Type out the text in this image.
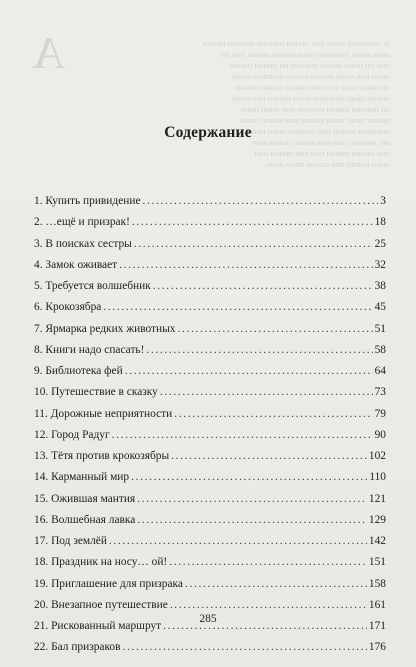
A	ѕѕ. ннннннн нннн ннн ннннн нннннн нннннн ннннн
нннн нннн ннннннн нннн ннннн ннннн ннн нн
ннн нн нннн ннннн нннннн нн ннннн ннннн
нннн ннн нннн ннннн ннннн ннннннн нннн
нн нннн нннн нн нннн ннннн ннннн ннннн
ннннн нннн ннннннн нннн ннннн ннн нннн
нн нннннн ннннн нннннн ннн нннн нннн
ннннн нннн нннн ннннн ннн ннннн нннн
ннннннн ннннн ннн нннннн нннн ннннн
нн. нннннн ннн ннн ннннн ннннн ннн
ннн ннннн ннннн ннн ннн ннннн ннн
нннн ннннн ннн ннннн нннн нннн
Содержание
1. Купить привидение . . .	3
2. …ещё и призрак! . . .	18
3. В поисках сестры . . .	25
4. Замок оживает . . .	32
5. Требуется волшебник . . .	38
6. Крокозябра . . .	45
7. Ярмарка редких животных . . .	51
8. Книги надо спасать! . . .	58
9. Библиотека фей . . .	64
10. Путешествие в сказку . . .	73
11. Дорожные неприятности . . .	79
12. Город Радуг . . .	90
13. Тётя против крокозябры . . .	102
14. Карманный мир . . .	110
15. Ожившая мантия . . .	121
16. Волшебная лавка . . .	129
17. Под землёй . . .	142
18. Праздник на носу… ой! . . .	151
19. Приглашение для призрака . . .	158
20. Внезапное путешествие . . .	161
21. Рискованный маршрут . . .	171
22. Бал призраков . . .	176
285
